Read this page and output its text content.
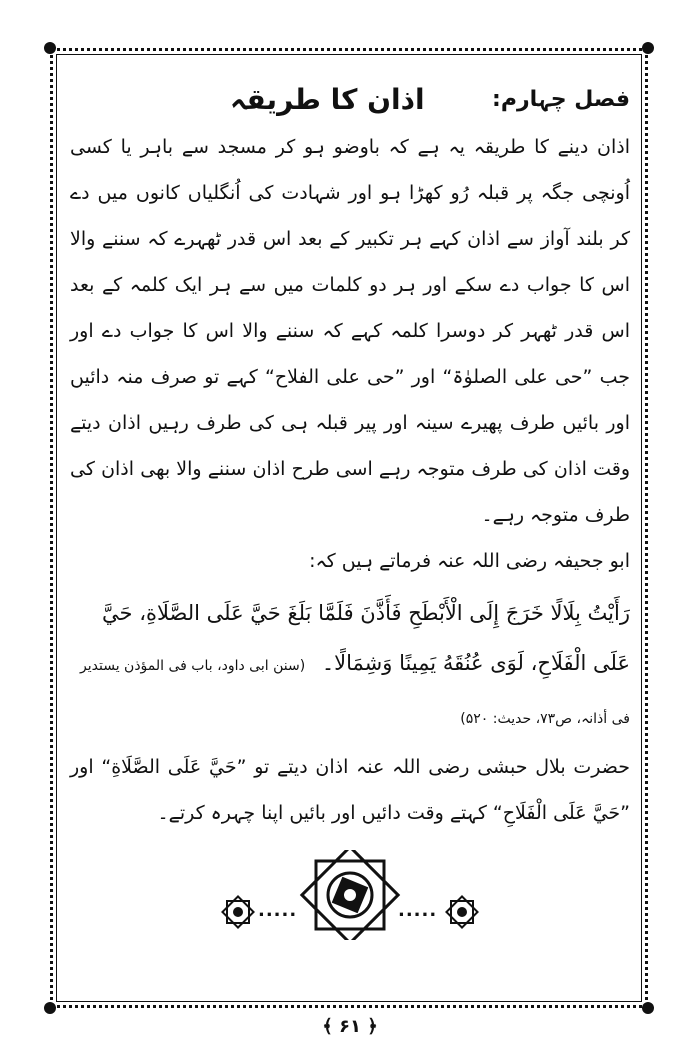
فصل چہارم:
اذان کا طریقہ

اذان دینے کا طریقہ یہ ہے کہ باوضو ہو کر مسجد سے باہر یا کسی اُونچی جگہ پر قبلہ رُو کھڑا ہو اور شہادت کی اُنگلیاں کانوں میں دے کر بلند آواز سے اذان کہے ہر تکبیر کے بعد اس قدر ٹھہرے کہ سننے والا اس کا جواب دے سکے اور ہر دو کلمات میں سے ہر ایک کلمہ کے بعد اس قدر ٹھہر کر دوسرا کلمہ کہے کہ سننے والا اس کا جواب دے اور جب ”حی علی الصلوٰۃ“ اور ”حی علی الفلاح“ کہے تو صرف منہ دائیں اور بائیں طرف پھیرے سینہ اور پیر قبلہ ہی کی طرف رہیں اذان دیتے وقت اذان کی طرف متوجہ رہے اسی طرح اذان سننے والا بھی اذان کی طرف متوجہ رہے۔

ابو جحیفہ رضی اللہ عنہ فرماتے ہیں کہ:

رَأَيْتُ بِلَالًا خَرَجَ إِلَى الْأَبْطَحِ فَأَذَّنَ فَلَمَّا بَلَغَ حَيَّ عَلَى الصَّلَاةِ، حَيَّ عَلَى الْفَلَاحِ، لَوَى عُنُقَهُ يَمِينًا وَشِمَالًا۔ (سنن ابی داود، باب فی المؤذن یستدیر فی أذانہ، ص۷۳، حدیث: ۵۲۰)

حضرت بلال حبشی رضی اللہ عنہ اذان دیتے تو ”حَيَّ عَلَى الصَّلَاةِ“ اور ”حَيَّ عَلَى الْفَلَاحِ“ کہتے وقت دائیں اور بائیں اپنا چہرہ کرتے۔

.....	.....
﴾ ۶۱ ﴿
